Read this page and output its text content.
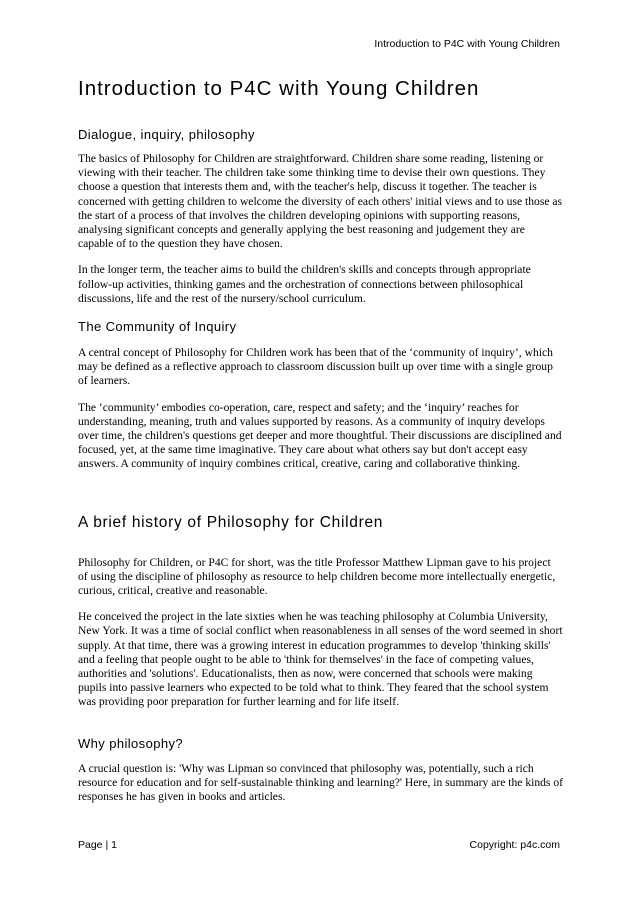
Introduction to P4C with Young Children
Introduction to P4C with Young Children
Dialogue, inquiry, philosophy

The basics of Philosophy for Children are straightforward. Children share some reading, listening or viewing with their teacher. The children take some thinking time to devise their own questions. They choose a question that interests them and, with the teacher's help, discuss it together. The teacher is concerned with getting children to welcome the diversity of each others' initial views and to use those as the start of a process of that involves the children developing opinions with supporting reasons, analysing significant concepts and generally applying the best reasoning and judgement they are capable of to the question they have chosen.

In the longer term, the teacher aims to build the children's skills and concepts through appropriate follow-up activities, thinking games and the orchestration of connections between philosophical discussions, life and the rest of the nursery/school curriculum.

The Community of Inquiry

A central concept of Philosophy for Children work has been that of the ‘community of inquiry’, which may be defined as a reflective approach to classroom discussion built up over time with a single group of learners.

The ‘community’ embodies co-operation, care, respect and safety; and the ‘inquiry’ reaches for understanding, meaning, truth and values supported by reasons. As a community of inquiry develops over time, the children's questions get deeper and more thoughtful. Their discussions are disciplined and focused, yet, at the same time imaginative. They care about what others say but don't accept easy answers. A community of inquiry combines critical, creative, caring and collaborative thinking.

A brief history of Philosophy for Children

Philosophy for Children, or P4C for short, was the title Professor Matthew Lipman gave to his project of using the discipline of philosophy as resource to help children become more intellectually energetic, curious, critical, creative and reasonable.

He conceived the project in the late sixties when he was teaching philosophy at Columbia University, New York. It was a time of social conflict when reasonableness in all senses of the word seemed in short supply. At that time, there was a growing interest in education programmes to develop 'thinking skills' and a feeling that people ought to be able to 'think for themselves' in the face of competing values, authorities and 'solutions'. Educationalists, then as now, were concerned that schools were making pupils into passive learners who expected to be told what to think. They feared that the school system was providing poor preparation for further learning and for life itself.

Why philosophy?

A crucial question is: 'Why was Lipman so convinced that philosophy was, potentially, such a rich resource for education and for self-sustainable thinking and learning?' Here, in summary are the kinds of responses he has given in books and articles.

Page | 1	Copyright: p4c.com
